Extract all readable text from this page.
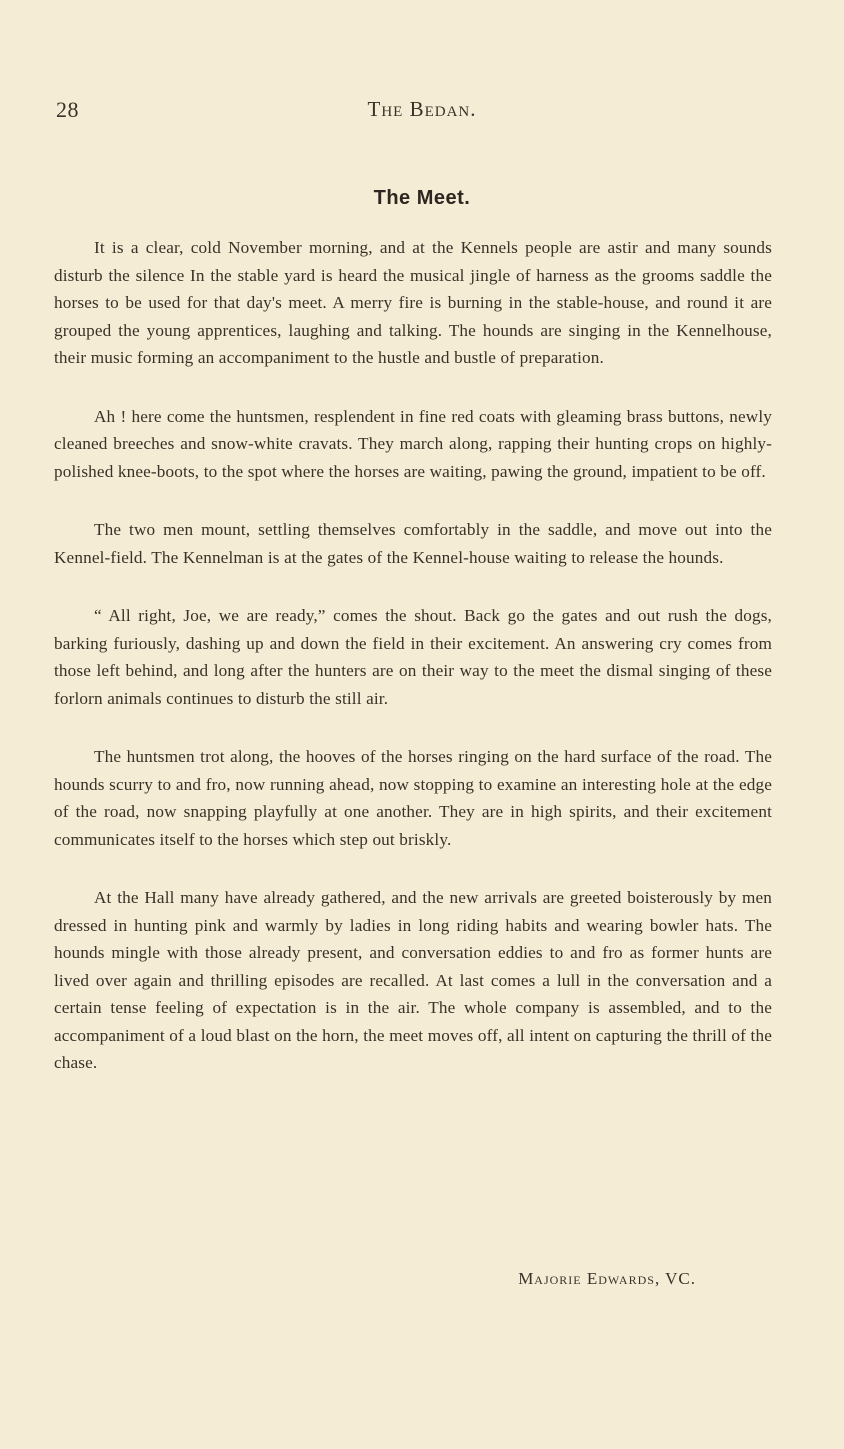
28	The Bedan.
The Meet.

It is a clear, cold November morning, and at the Kennels people are astir and many sounds disturb the silence In the stable yard is heard the musical jingle of harness as the grooms saddle the horses to be used for that day's meet. A merry fire is burning in the stable-house, and round it are grouped the young apprentices, laughing and talking. The hounds are singing in the Kennelhouse, their music forming an accompaniment to the hustle and bustle of preparation.

Ah ! here come the huntsmen, resplendent in fine red coats with gleaming brass buttons, newly cleaned breeches and snow-white cravats. They march along, rapping their hunting crops on highly-polished knee-boots, to the spot where the horses are waiting, pawing the ground, impatient to be off.

The two men mount, settling themselves comfortably in the saddle, and move out into the Kennel-field. The Kennelman is at the gates of the Kennel-house waiting to release the hounds.

“ All right, Joe, we are ready,” comes the shout. Back go the gates and out rush the dogs, barking furiously, dashing up and down the field in their excitement. An answering cry comes from those left behind, and long after the hunters are on their way to the meet the dismal singing of these forlorn animals continues to disturb the still air.

The huntsmen trot along, the hooves of the horses ringing on the hard surface of the road. The hounds scurry to and fro, now running ahead, now stopping to examine an interesting hole at the edge of the road, now snapping playfully at one another. They are in high spirits, and their excitement communicates itself to the horses which step out briskly.

At the Hall many have already gathered, and the new arrivals are greeted boisterously by men dressed in hunting pink and warmly by ladies in long riding habits and wearing bowler hats. The hounds mingle with those already present, and conversation eddies to and fro as former hunts are lived over again and thrilling episodes are recalled. At last comes a lull in the conversation and a certain tense feeling of expectation is in the air. The whole company is assembled, and to the accompaniment of a loud blast on the horn, the meet moves off, all intent on capturing the thrill of the chase.

Majorie Edwards, VC.
